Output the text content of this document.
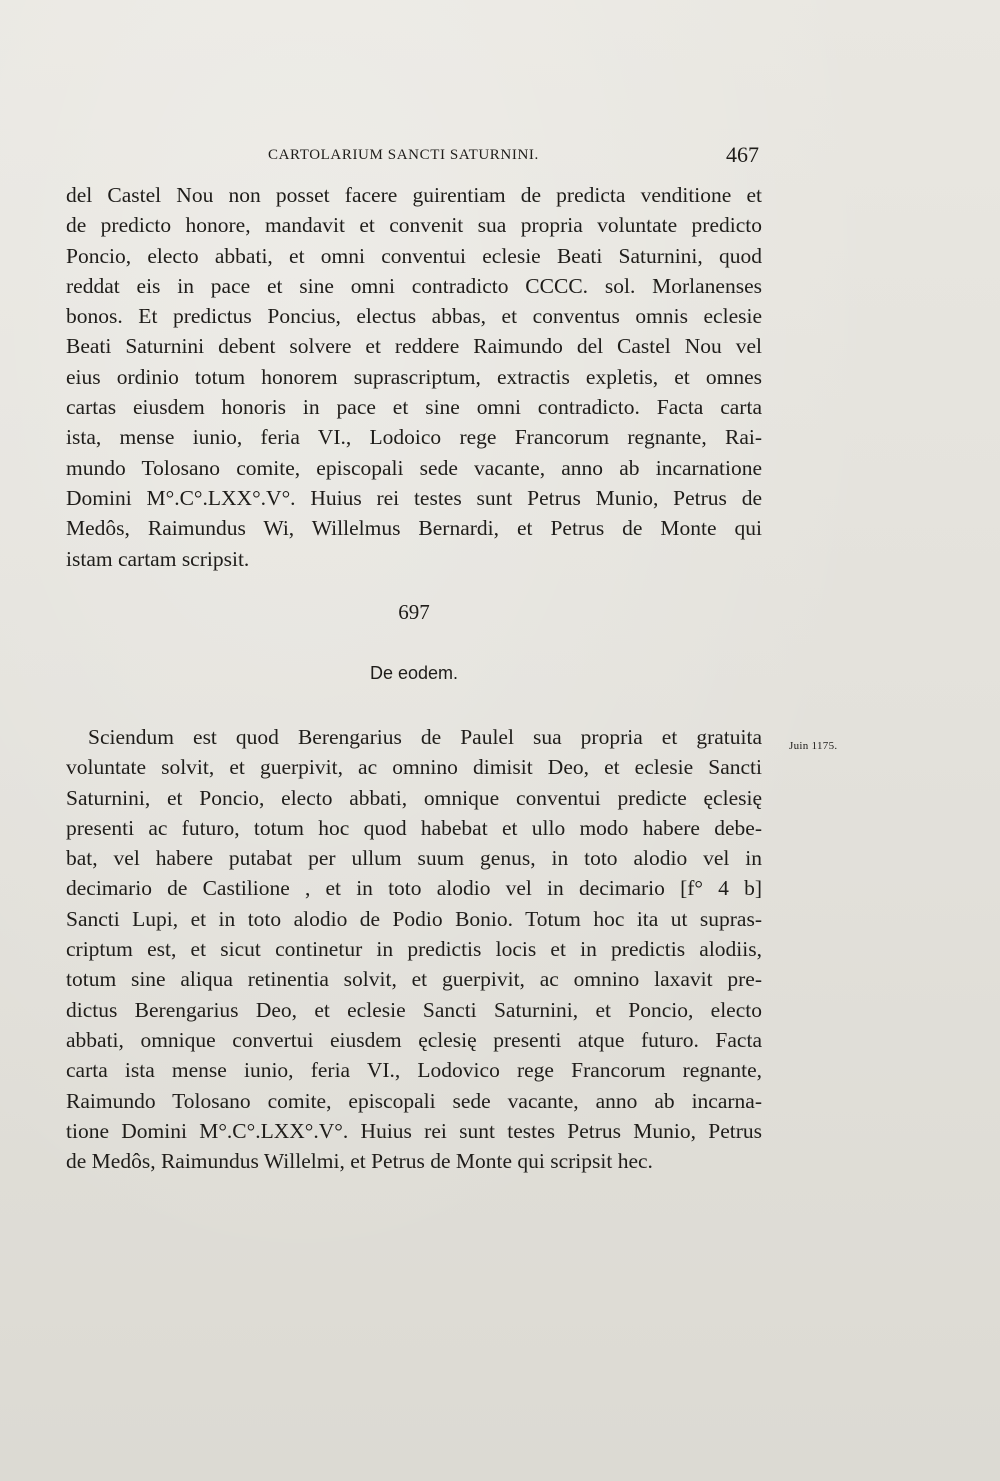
CARTOLARIUM SANCTI SATURNINI.	467
del Castel Nou non posset facere guirentiam de predicta venditione et
de predicto honore, mandavit et convenit sua propria voluntate predicto
Poncio, electo abbati, et omni conventui eclesie Beati Saturnini, quod
reddat eis in pace et sine omni contradicto CCCC. sol. Morlanenses
bonos. Et predictus Poncius, electus abbas, et conventus omnis eclesie
Beati Saturnini debent solvere et reddere Raimundo del Castel Nou vel
eius ordinio totum honorem suprascriptum, extractis expletis, et omnes
cartas eiusdem honoris in pace et sine omni contradicto. Facta carta
ista, mense iunio, feria VI., Lodoico rege Francorum regnante, Rai-
mundo Tolosano comite, episcopali sede vacante, anno ab incarnatione
Domini M°.C°.LXX°.V°. Huius rei testes sunt Petrus Munio, Petrus de
Medôs, Raimundus Wi, Willelmus Bernardi, et Petrus de Monte qui
istam cartam scripsit.
697
De eodem.
Juin 1175.
Sciendum est quod Berengarius de Paulel sua propria et gratuita
voluntate solvit, et guerpivit, ac omnino dimisit Deo, et eclesie Sancti
Saturnini, et Poncio, electo abbati, omnique conventui predicte ęclesię
presenti ac futuro, totum hoc quod habebat et ullo modo habere debe-
bat, vel habere putabat per ullum suum genus, in toto alodio vel in
decimario de Castilione , et in toto alodio vel in decimario [f° 4 b]
Sancti Lupi, et in toto alodio de Podio Bonio. Totum hoc ita ut supras-
criptum est, et sicut continetur in predictis locis et in predictis alodiis,
totum sine aliqua retinentia solvit, et guerpivit, ac omnino laxavit pre-
dictus Berengarius Deo, et eclesie Sancti Saturnini, et Poncio, electo
abbati, omnique convertui eiusdem ęclesię presenti atque futuro. Facta
carta ista mense iunio, feria VI., Lodovico rege Francorum regnante,
Raimundo Tolosano comite, episcopali sede vacante, anno ab incarna-
tione Domini M°.C°.LXX°.V°. Huius rei sunt testes Petrus Munio, Petrus
de Medôs, Raimundus Willelmi, et Petrus de Monte qui scripsit hec.
